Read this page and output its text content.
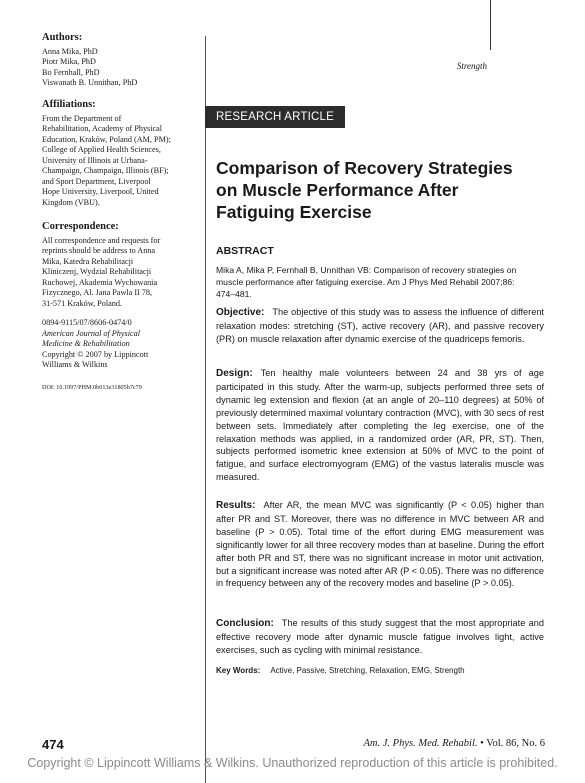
Authors:
Anna Mika, PhD
Piotr Mika, PhD
Bo Fernhall, PhD
Viswanath B. Unnithan, PhD
Affiliations:
From the Department of
Rehabilitation, Academy of Physical
Education, Kraków, Poland (AM, PM);
College of Applied Health Sciences,
University of Illinois at Urbana-
Champaign, Champaign, Illinois (BF);
and Sport Department, Liverpool
Hope University, Liverpool, United
Kingdom (VBU).
Correspondence:
All correspondence and requests for
reprints should be address to Anna
Mika, Katedra Rehabilitacji
Kliniczenj, Wydzial Rehabilitacji
Ruchowej, Akademia Wychowania
Fizycznego, Al. Jana Pawla II 78,
31-571 Kraków, Poland.
0894-9115/07/8606-0474/0
American Journal of Physical
Medicine & Rehabilitation
Copyright © 2007 by Lippincott
Williams & Wilkins
DOI: 10.1097/PHM.0b013e31805b7c79
Strength
RESEARCH ARTICLE
Comparison of Recovery Strategies
on Muscle Performance After
Fatiguing Exercise
ABSTRACT
Mika A, Mika P, Fernhall B, Unnithan VB: Comparison of recovery strategies on
muscle performance after fatiguing exercise. Am J Phys Med Rehabil 2007;86:
474–481.

Objective: The objective of this study was to assess the influence of different relaxation modes: stretching (ST), active recovery (AR), and passive recovery (PR) on muscle relaxation after dynamic exercise of the quadriceps femoris.

Design: Ten healthy male volunteers between 24 and 38 yrs of age participated in this study. After the warm-up, subjects performed three sets of dynamic leg extension and flexion (at an angle of 20–110 degrees) at 50% of previously determined maximal voluntary contraction (MVC), with 30 secs of rest between sets. Immediately after completing the leg exercise, one of the relaxation methods was applied, in a randomized order (AR, PR, ST). Then, subjects performed isometric knee extension at 50% of MVC to the point of fatigue, and surface electromyogram (EMG) of the vastus lateralis muscle was measured.

Results: After AR, the mean MVC was significantly (P < 0.05) higher than after PR and ST. Moreover, there was no difference in MVC between AR and baseline (P > 0.05). Total time of the effort during EMG measurement was significantly lower for all three recovery modes than at baseline. During the effort after both PR and ST, there was no significant increase in motor unit activation, but a significant increase was noted after AR (P < 0.05). There was no difference in frequency between any of the recovery modes and baseline (P > 0.05).

Conclusion: The results of this study suggest that the most appropriate and effective recovery mode after dynamic muscle fatigue involves light, active exercises, such as cycling with minimal resistance.

Key Words: Active, Passive, Stretching, Relaxation, EMG, Strength
474	Am. J. Phys. Med. Rehabil. • Vol. 86, No. 6
Copyright © Lippincott Williams & Wilkins. Unauthorized reproduction of this article is prohibited.
